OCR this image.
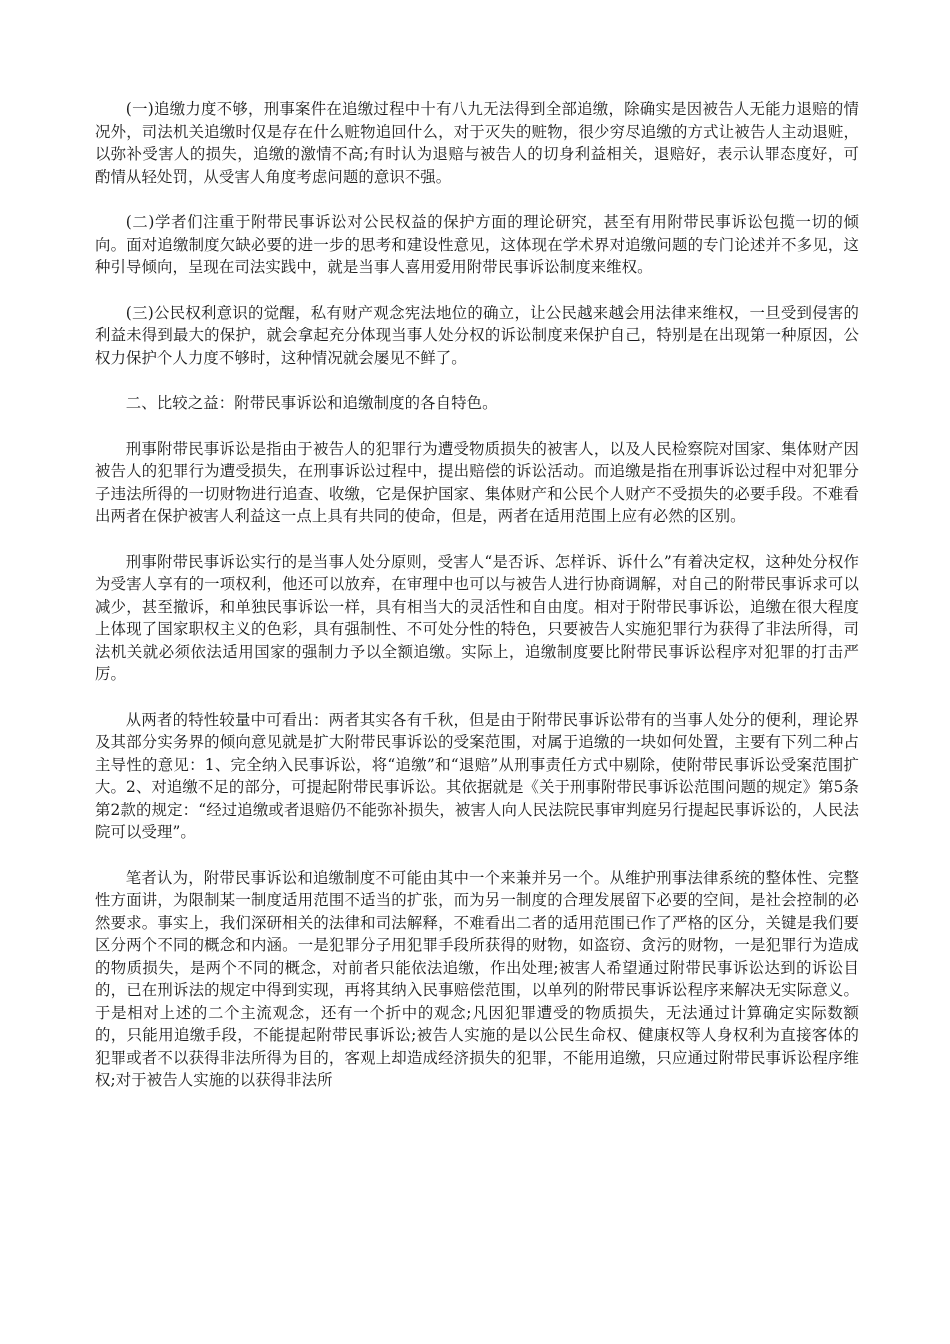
(一)追缴力度不够，刑事案件在追缴过程中十有八九无法得到全部追缴，除确实是因被告人无能力退赔的情况外，司法机关追缴时仅是存在什么赃物追回什么，对于灭失的赃物，很少穷尽追缴的方式让被告人主动退赃，以弥补受害人的损失，追缴的激情不高;有时认为退赔与被告人的切身利益相关，退赔好，表示认罪态度好，可酌情从轻处罚，从受害人角度考虑问题的意识不强。

(二)学者们注重于附带民事诉讼对公民权益的保护方面的理论研究，甚至有用附带民事诉讼包揽一切的倾向。面对追缴制度欠缺必要的进一步的思考和建设性意见，这体现在学术界对追缴问题的专门论述并不多见，这种引导倾向，呈现在司法实践中，就是当事人喜用爱用附带民事诉讼制度来维权。

(三)公民权利意识的觉醒，私有财产观念宪法地位的确立，让公民越来越会用法律来维权，一旦受到侵害的利益未得到最大的保护，就会拿起充分体现当事人处分权的诉讼制度来保护自己，特别是在出现第一种原因，公权力保护个人力度不够时，这种情况就会屡见不鲜了。

二、比较之益：附带民事诉讼和追缴制度的各自特色。

刑事附带民事诉讼是指由于被告人的犯罪行为遭受物质损失的被害人，以及人民检察院对国家、集体财产因被告人的犯罪行为遭受损失，在刑事诉讼过程中，提出赔偿的诉讼活动。而追缴是指在刑事诉讼过程中对犯罪分子违法所得的一切财物进行追查、收缴，它是保护国家、集体财产和公民个人财产不受损失的必要手段。不难看出两者在保护被害人利益这一点上具有共同的使命，但是，两者在适用范围上应有必然的区别。

刑事附带民事诉讼实行的是当事人处分原则，受害人“是否诉、怎样诉、诉什么”有着决定权，这种处分权作为受害人享有的一项权利，他还可以放弃，在审理中也可以与被告人进行协商调解，对自己的附带民事诉求可以减少，甚至撤诉，和单独民事诉讼一样，具有相当大的灵活性和自由度。相对于附带民事诉讼，追缴在很大程度上体现了国家职权主义的色彩，具有强制性、不可处分性的特色，只要被告人实施犯罪行为获得了非法所得，司法机关就必须依法适用国家的强制力予以全额追缴。实际上，追缴制度要比附带民事诉讼程序对犯罪的打击严厉。

从两者的特性较量中可看出：两者其实各有千秋，但是由于附带民事诉讼带有的当事人处分的便利，理论界及其部分实务界的倾向意见就是扩大附带民事诉讼的受案范围，对属于追缴的一块如何处置，主要有下列二种占主导性的意见：1、完全纳入民事诉讼，将“追缴”和“退赔”从刑事责任方式中剔除，使附带民事诉讼受案范围扩大。2、对追缴不足的部分，可提起附带民事诉讼。其依据就是《关于刑事附带民事诉讼范围问题的规定》第5条第2款的规定：“经过追缴或者退赔仍不能弥补损失，被害人向人民法院民事审判庭另行提起民事诉讼的，人民法院可以受理”。

笔者认为，附带民事诉讼和追缴制度不可能由其中一个来兼并另一个。从维护刑事法律系统的整体性、完整性方面讲，为限制某一制度适用范围不适当的扩张，而为另一制度的合理发展留下必要的空间，是社会控制的必然要求。事实上，我们深研相关的法律和司法解释，不难看出二者的适用范围已作了严格的区分，关键是我们要区分两个不同的概念和内涵。一是犯罪分子用犯罪手段所获得的财物，如盗窃、贪污的财物，一是犯罪行为造成的物质损失，是两个不同的概念，对前者只能依法追缴，作出处理;被害人希望通过附带民事诉讼达到的诉讼目的，已在刑诉法的规定中得到实现，再将其纳入民事赔偿范围，以单列的附带民事诉讼程序来解决无实际意义。于是相对上述的二个主流观念，还有一个折中的观念;凡因犯罪遭受的物质损失，无法通过计算确定实际数额的，只能用追缴手段，不能提起附带民事诉讼;被告人实施的是以公民生命权、健康权等人身权利为直接客体的犯罪或者不以获得非法所得为目的，客观上却造成经济损失的犯罪，不能用追缴，只应通过附带民事诉讼程序维权;对于被告人实施的以获得非法所
